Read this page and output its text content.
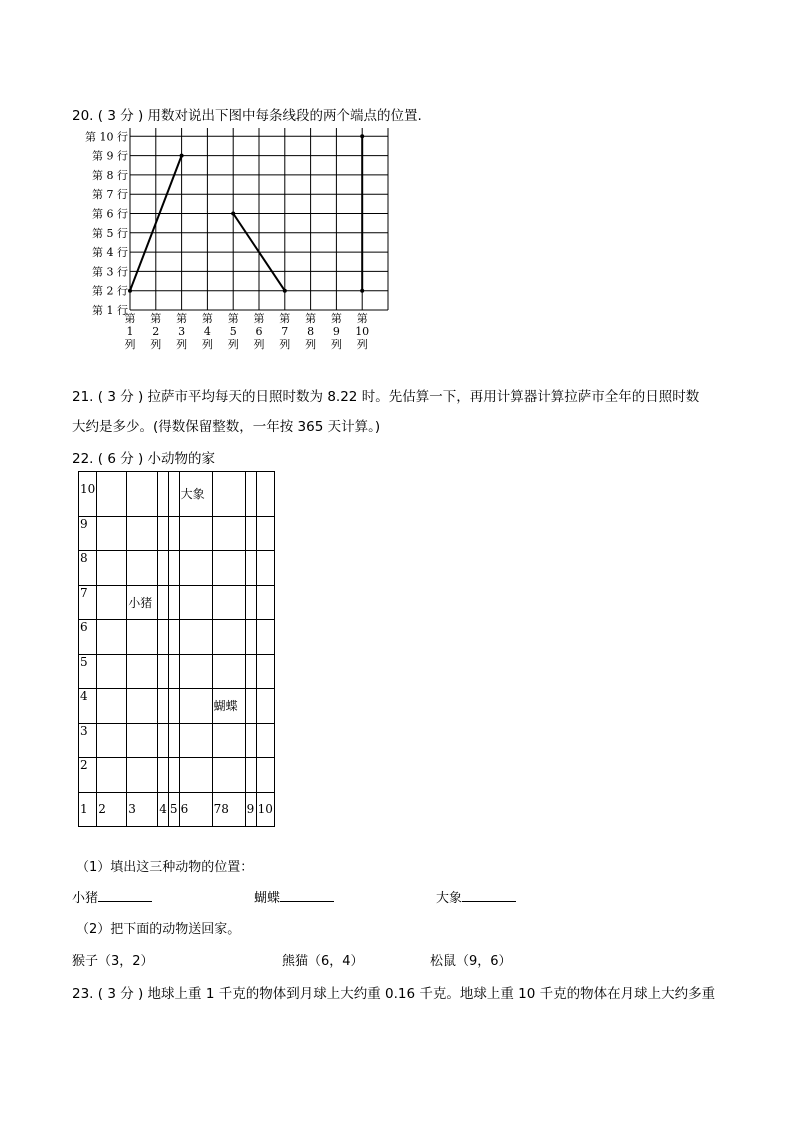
20. ( 3 分 ) 用数对说出下图中每条线段的两个端点的位置.
第 1 行
第 2 行
第 3 行
第 4 行
第 5 行
第 6 行
第 7 行
第 8 行
第 9 行
第 10 行
第
1
列
第
2
列
第
3
列
第
4
列
第
5
列
第
6
列
第
7
列
第
8
列
第
9
列
第
10
列
21. ( 3 分 ) 拉萨市平均每天的日照时数为 8.22 时。先估算一下，再用计算器计算拉萨市全年的日照时数
大约是多少。(得数保留整数，一年按 365 天计算。)
22. ( 6 分 ) 小动物的家
10					大象			
9								
8								
7		小猪						
6								
5								
4						蝴蝶		
3								
2								
1	2	3	4	5	6	78	9	10
（1）填出这三种动物的位置：
小猪	蝴蝶	大象
（2）把下面的动物送回家。
猴子（3，2）	熊猫（6，4）	松鼠（9，6）
23. ( 3 分 ) 地球上重 1 千克的物体到月球上大约重 0.16 千克。地球上重 10 千克的物体在月球上大约多重
